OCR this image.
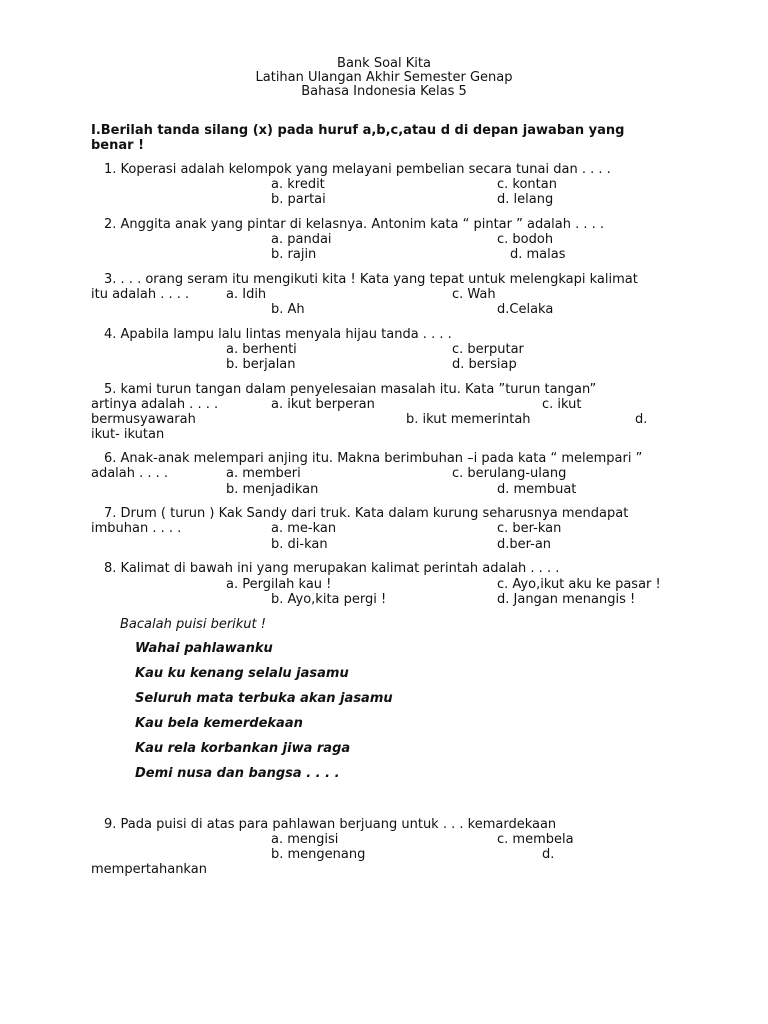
Bank Soal Kita
Latihan Ulangan Akhir Semester Genap
Bahasa Indonesia Kelas 5
I.Berilah tanda silang (x) pada huruf a,b,c,atau d di depan jawaban yang
benar !
1. Koperasi adalah kelompok yang melayani pembelian secara tunai dan . . . .
a. kredit	c. kontan
b. partai	d. lelang
2. Anggita anak yang pintar di kelasnya. Antonim kata “ pintar ” adalah . . . .
a. pandai	c. bodoh
b. rajin	d. malas
3. . . . orang seram itu mengikuti kita ! Kata yang tepat untuk melengkapi kalimat
itu adalah . . . .	a. Idih	c. Wah
b. Ah	d.Celaka
4. Apabila lampu lalu lintas menyala hijau tanda . . . .
a. berhenti	c. berputar
b. berjalan	d. bersiap
5. kami turun tangan dalam penyelesaian masalah itu. Kata ”turun tangan”
artinya adalah . . . .	a. ikut berperan	c. ikut
bermusyawarah	b. ikut memerintah	d.
ikut- ikutan
6. Anak-anak melempari anjing itu. Makna berimbuhan –i pada kata “ melempari ”
adalah . . . .	a. memberi	c. berulang-ulang
b. menjadikan	d. membuat
7. Drum ( turun ) Kak Sandy dari truk. Kata dalam kurung seharusnya mendapat
imbuhan . . . .	a. me-kan	c. ber-kan
b. di-kan	d.ber-an
8. Kalimat di bawah ini yang merupakan kalimat perintah adalah . . . .
a. Pergilah kau !	c. Ayo,ikut aku ke pasar !
b. Ayo,kita pergi !	d. Jangan menangis !
Bacalah puisi berikut !
Wahai pahlawanku
Kau ku kenang selalu jasamu
Seluruh mata terbuka akan jasamu
Kau bela kemerdekaan
Kau rela korbankan jiwa raga
Demi nusa dan bangsa . . . .
9. Pada puisi di atas para pahlawan berjuang untuk . . . kemardekaan
a. mengisi	c. membela
b. mengenang	d.
mempertahankan
